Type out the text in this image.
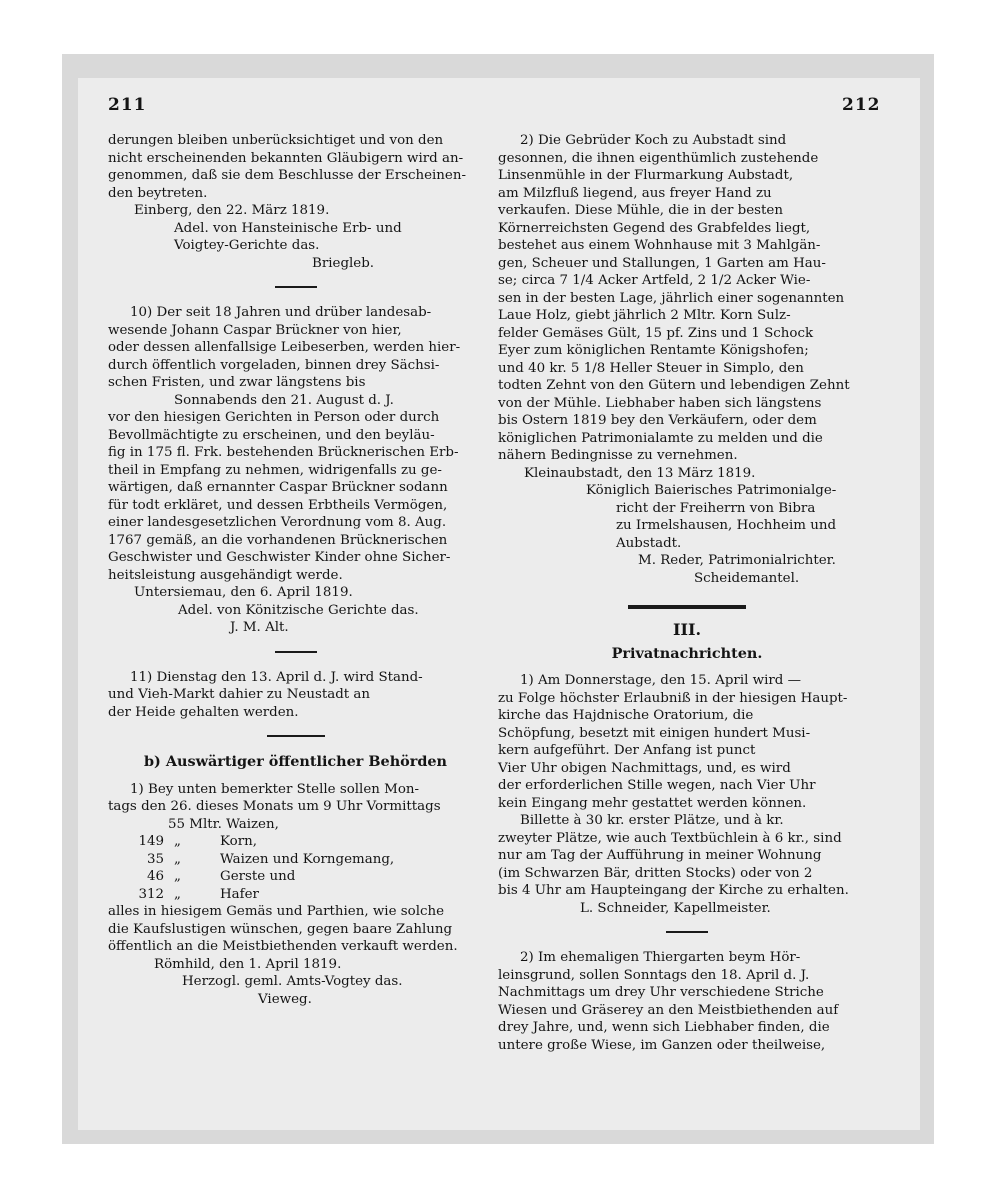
211	212

derungen bleiben unberücksichtiget und von den

nicht erscheinenden bekannten Gläubigern wird an-

genommen, daß sie dem Beschlusse der Erscheinen-

den beytreten.

Einberg, den 22. März 1819.

Adel. von Hansteinische Erb- und

Voigtey-Gerichte das.

Briegleb.

10) Der seit 18 Jahren und drüber landesab-

wesende Johann Caspar Brückner von hier,

oder dessen allenfallsige Leibeserben, werden hier-

durch öffentlich vorgeladen, binnen drey Sächsi-

schen Fristen, und zwar längstens bis

Sonnabends den 21. August d. J.

vor den hiesigen Gerichten in Person oder durch

Bevollmächtigte zu erscheinen, und den beyläu-

fig in 175 fl. Frk. bestehenden Brücknerischen Erb-

theil in Empfang zu nehmen, widrigenfalls zu ge-

wärtigen, daß ernannter Caspar Brückner sodann

für todt erkläret, und dessen Erbtheils Vermögen,

einer landesgesetzlichen Verordnung vom 8. Aug.

1767 gemäß, an die vorhandenen Brücknerischen

Geschwister und Geschwister Kinder ohne Sicher-

heitsleistung ausgehändigt werde.

Untersiemau, den 6. April 1819.

Adel. von Könitzische Gerichte das.

J. M. Alt.

11) Dienstag den 13. April d. J. wird Stand-

und Vieh-Markt dahier zu Neustadt an

der Heide gehalten werden.

b) Auswärtiger öffentlicher Behörden

1) Bey unten bemerkter Stelle sollen Mon-

tags den 26. dieses Monats um 9 Uhr Vormittags

55 Mltr. Waizen,

149 „	Korn,
35 „	Waizen und Korngemang,
46 „	Gerste und
312 „	Hafer

alles in hiesigem Gemäs und Parthien, wie solche

die Kaufslustigen wünschen, gegen baare Zahlung

öffentlich an die Meistbiethenden verkauft werden.

Römhild, den 1. April 1819.

Herzogl. geml. Amts-Vogtey das.

Vieweg.

2) Die Gebrüder Koch zu Aubstadt sind

gesonnen, die ihnen eigenthümlich zustehende

Linsenmühle in der Flurmarkung Aubstadt,

am Milzfluß liegend, aus freyer Hand zu

verkaufen. Diese Mühle, die in der besten

Körnerreichsten Gegend des Grabfeldes liegt,

bestehet aus einem Wohnhause mit 3 Mahlgän-

gen, Scheuer und Stallungen, 1 Garten am Hau-

se; circa 7 1/4 Acker Artfeld, 2 1/2 Acker Wie-

sen in der besten Lage, jährlich einer sogenannten

Laue Holz, giebt jährlich 2 Mltr. Korn Sulz-

felder Gemäses Gült, 15 pf. Zins und 1 Schock

Eyer zum königlichen Rentamte Königshofen;

und 40 kr. 5 1/8 Heller Steuer in Simplo, den

todten Zehnt von den Gütern und lebendigen Zehnt

von der Mühle. Liebhaber haben sich längstens

bis Ostern 1819 bey den Verkäufern, oder dem

königlichen Patrimonialamte zu melden und die

nähern Bedingnisse zu vernehmen.

Kleinaubstadt, den 13 März 1819.

Königlich Baierisches Patrimonialge-

richt der Freiherrn von Bibra

zu Irmelshausen, Hochheim und

Aubstadt.

M. Reder, Patrimonialrichter.

Scheidemantel.

III.
Privatnachrichten.

1) Am Donnerstage, den 15. April wird —

zu Folge höchster Erlaubniß in der hiesigen Haupt-

kirche das Hajdnische Oratorium, die

Schöpfung, besetzt mit einigen hundert Musi-

kern aufgeführt. Der Anfang ist punct

Vier Uhr obigen Nachmittags, und, es wird

der erforderlichen Stille wegen, nach Vier Uhr

kein Eingang mehr gestattet werden können.

Billette à 30 kr. erster Plätze, und à kr.

zweyter Plätze, wie auch Textbüchlein à 6 kr., sind

nur am Tag der Aufführung in meiner Wohnung

(im Schwarzen Bär, dritten Stocks) oder von 2

bis 4 Uhr am Haupteingang der Kirche zu erhalten.

L. Schneider, Kapellmeister.

2) Im ehemaligen Thiergarten beym Hör-

leinsgrund, sollen Sonntags den 18. April d. J.

Nachmittags um drey Uhr verschiedene Striche

Wiesen und Gräserey an den Meistbiethenden auf

drey Jahre, und, wenn sich Liebhaber finden, die

untere große Wiese, im Ganzen oder theilweise,
